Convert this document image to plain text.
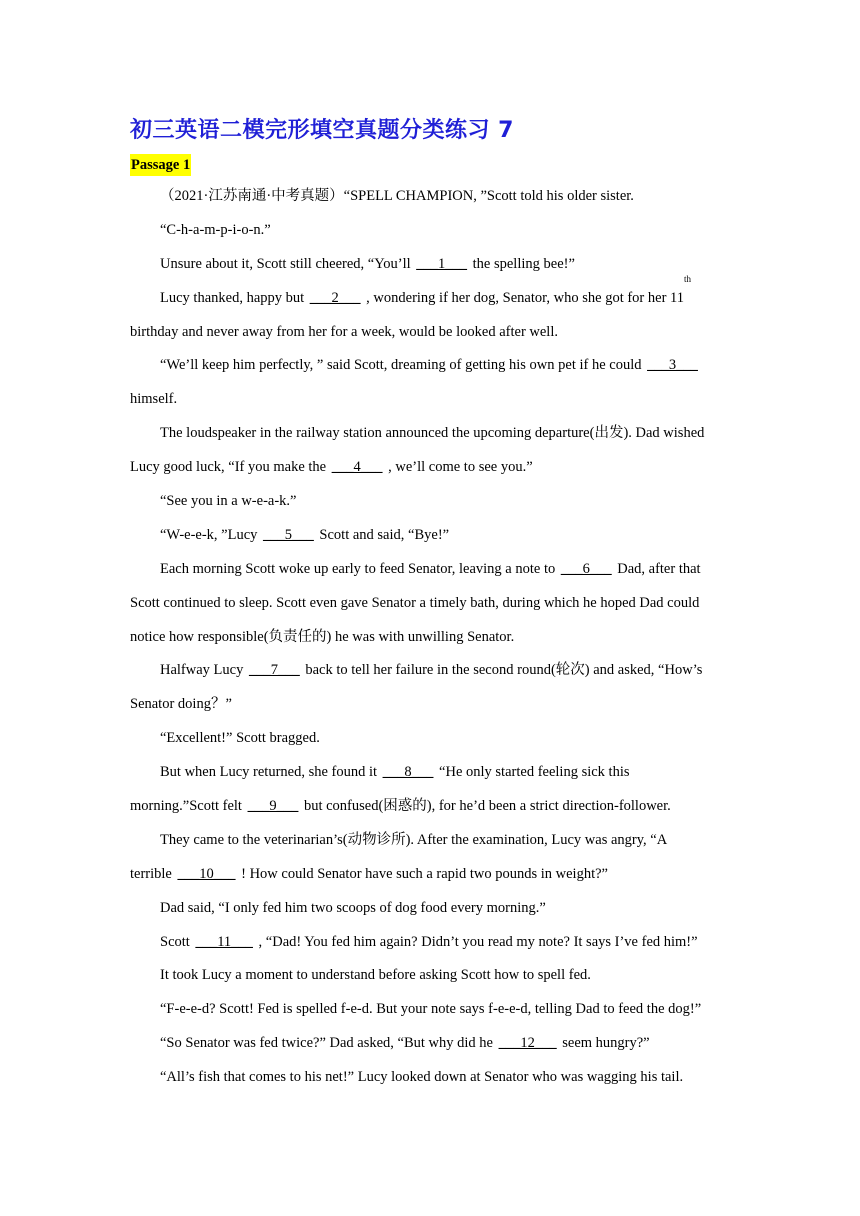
初三英语二模完形填空真题分类练习 7
Passage 1
（2021·江苏南通·中考真题）“SPELL CHAMPION, ”Scott told his older sister.
“C-h-a-m-p-i-o-n.”
Unsure about it, Scott still cheered, “You’ll ___1___ the spelling bee!”
Lucy thanked, happy but ___2___ , wondering if her dog, Senator, who she got for her 11th
birthday and never away from her for a week, would be looked after well.
“We’ll keep him perfectly, ” said Scott, dreaming of getting his own pet if he could ___3___
himself.
The loudspeaker in the railway station announced the upcoming departure(出发). Dad wished
Lucy good luck, “If you make the ___4___ , we’ll come to see you.”
“See you in a w-e-a-k.”
“W-e-e-k, ”Lucy ___5___ Scott and said, “Bye!”
Each morning Scott woke up early to feed Senator, leaving a note to ___6___ Dad, after that
Scott continued to sleep. Scott even gave Senator a timely bath, during which he hoped Dad could
notice how responsible(负责任的) he was with unwilling Senator.
Halfway Lucy ___7___ back to tell her failure in the second round(轮次) and asked, “How’s
Senator doing？”
“Excellent!” Scott bragged.
But when Lucy returned, she found it ___8___ “He only started feeling sick this
morning.”Scott felt ___9___ but confused(困惑的), for he’d been a strict direction-follower.
They came to the veterinarian’s(动物诊所). After the examination, Lucy was angry, “A
terrible ___10___ ! How could Senator have such a rapid two pounds in weight?”
Dad said, “I only fed him two scoops of dog food every morning.”
Scott ___11___ , “Dad! You fed him again? Didn’t you read my note? It says I’ve fed him!”
It took Lucy a moment to understand before asking Scott how to spell fed.
“F-e-e-d? Scott! Fed is spelled f-e-d. But your note says f-e-e-d, telling Dad to feed the dog!”
“So Senator was fed twice?” Dad asked, “But why did he ___12___ seem hungry?”
“All’s fish that comes to his net!” Lucy looked down at Senator who was wagging his tail.
